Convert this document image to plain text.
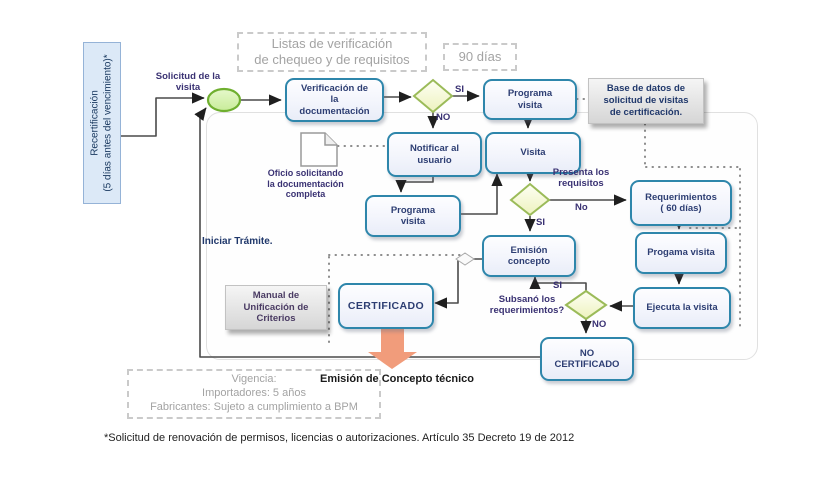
Recertificación (5 días antes del vencimiento)*
Listas de verificación
de chequeo y de requisitos	90 días
Vigencia:
Importadores: 5 años
Fabricantes: Sujeto a cumplimiento a BPM
Base de datos de
solicitud de visitas
de certificación.
Manual de
Unificación de
Criterios
Verificación de
la
documentación
Programa
visita
Notificar al
usuario
Visita
Programa
visita
Requerimientos
( 60 días)
Progama visita
Ejecuta la visita
Emisión
concepto
CERTIFICADO
NO
CERTIFICADO
Solicitud de la
visita
Oficio solicitando
la documentación
completa
Iniciar Trámite.
SI
NO
Presenta los
requisitos
No
SI
Subsanó los
requerimientos?
SI
NO
Emisión de Concepto técnico
*Solicitud de renovación de permisos, licencias o autorizaciones. Artículo 35 Decreto 19 de 2012
